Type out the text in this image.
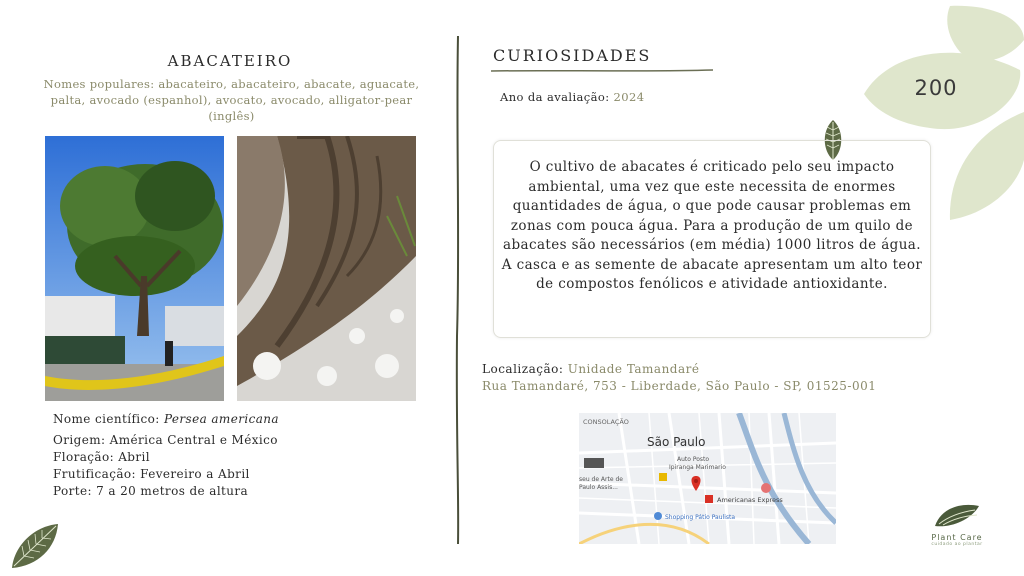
200
ABACATEIRO
Nomes populares: abacateiro, abacateiro, abacate, aguacate, palta, avocado (espanhol), avocato, avocado, alligator-pear (inglês)
Nome científico: Persea americana
Origem: América Central e México
Floração: Abril
Frutificação: Fevereiro a Abril
Porte: 7 a 20 metros de altura
CURIOSIDADES
Ano da avaliação: 2024
O cultivo de abacates é criticado pelo seu impacto ambiental, uma vez que este necessita de enormes quantidades de água, o que pode causar problemas em zonas com pouca água. Para a produção de um quilo de abacates são necessários (em média) 1000 litros de água. A casca e as semente de abacate apresentam um alto teor de compostos fenólicos e atividade antioxidante.
Localização: Unidade Tamandaré
Rua Tamandaré, 753 - Liberdade, São Paulo - SP, 01525-001
CONSOLAÇÃO
São Paulo
Auto Posto
Ipiranga Marimario
seu de Arte de
Paulo Assis...
Americanas Express
Shopping Pátio Paulista
Plant Care
cuidado ao plantar
